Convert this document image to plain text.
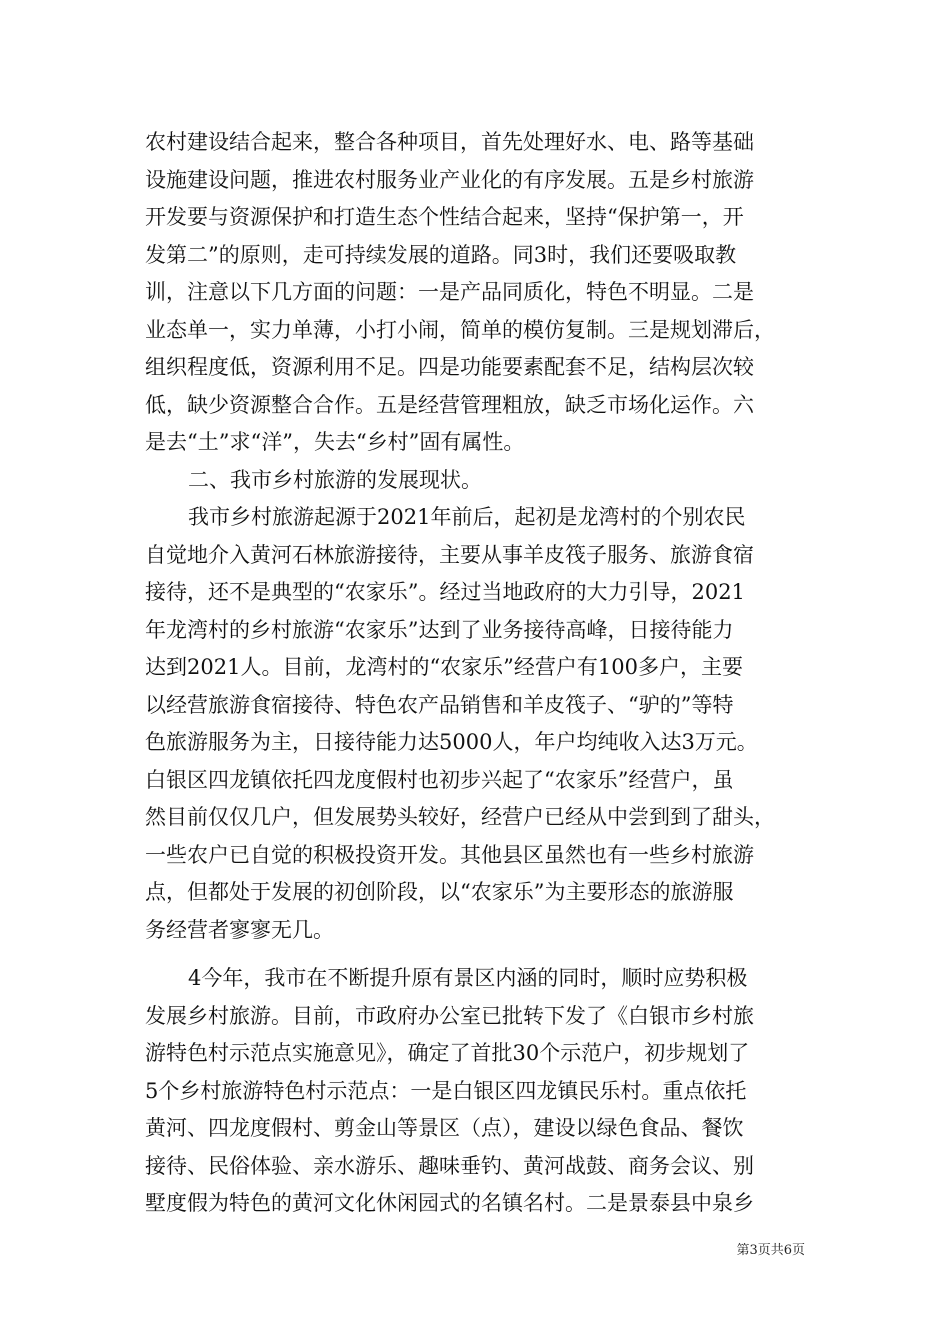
农村建设结合起来，整合各种项目，首先处理好水、电、路等基础
设施建设问题，推进农村服务业产业化的有序发展。五是乡村旅游
开发要与资源保护和打造生态个性结合起来，坚持“保护第一，开
发第二”的原则，走可持续发展的道路。同3时，我们还要吸取教
训，注意以下几方面的问题：一是产品同质化，特色不明显。二是
业态单一，实力单薄，小打小闹，简单的模仿复制。三是规划滞后，
组织程度低，资源利用不足。四是功能要素配套不足，结构层次较
低，缺少资源整合合作。五是经营管理粗放，缺乏市场化运作。六
是去“土”求“洋”，失去“乡村”固有属性。
二、我市乡村旅游的发展现状。
我市乡村旅游起源于2021年前后，起初是龙湾村的个别农民
自觉地介入黄河石林旅游接待，主要从事羊皮筏子服务、旅游食宿
接待，还不是典型的“农家乐”。经过当地政府的大力引导，2021
年龙湾村的乡村旅游“农家乐”达到了业务接待高峰，日接待能力
达到2021人。目前，龙湾村的“农家乐”经营户有100多户，主要
以经营旅游食宿接待、特色农产品销售和羊皮筏子、“驴的”等特
色旅游服务为主，日接待能力达5000人，年户均纯收入达3万元。
白银区四龙镇依托四龙度假村也初步兴起了“农家乐”经营户，虽
然目前仅仅几户，但发展势头较好，经营户已经从中尝到到了甜头，
一些农户已自觉的积极投资开发。其他县区虽然也有一些乡村旅游
点，但都处于发展的初创阶段，以“农家乐”为主要形态的旅游服
务经营者寥寥无几。
4今年，我市在不断提升原有景区内涵的同时，顺时应势积极
发展乡村旅游。目前，市政府办公室已批转下发了《白银市乡村旅
游特色村示范点实施意见》，确定了首批30个示范户，初步规划了
5个乡村旅游特色村示范点：一是白银区四龙镇民乐村。重点依托
黄河、四龙度假村、剪金山等景区（点），建设以绿色食品、餐饮
接待、民俗体验、亲水游乐、趣味垂钓、黄河战鼓、商务会议、别
墅度假为特色的黄河文化休闲园式的名镇名村。二是景泰县中泉乡
第3页共6页
